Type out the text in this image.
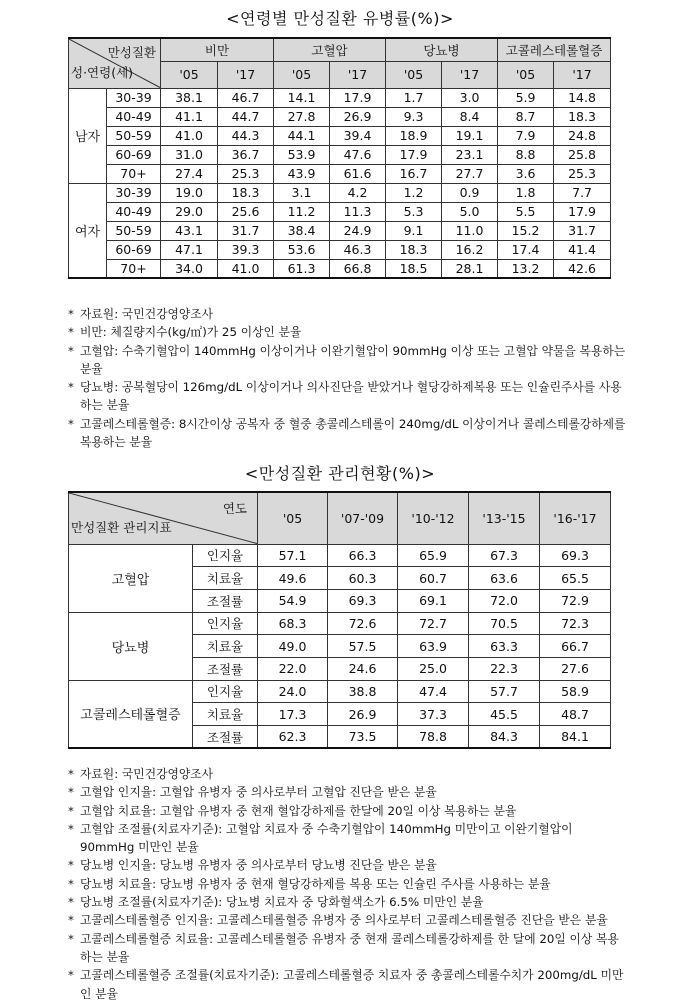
<연령별 만성질환 유병률(%)>
만성질환
성·연령(세)		비만		고혈압		당뇨병		고콜레스테롤혈증	
		'05	'17	'05	'17	'05	'17	'05	'17
남자	30-39	38.1	46.7	14.1	17.9	1.7	3.0	5.9	14.8
	40-49	41.1	44.7	27.8	26.9	9.3	8.4	8.7	18.3
	50-59	41.0	44.3	44.1	39.4	18.9	19.1	7.9	24.8
	60-69	31.0	36.7	53.9	47.6	17.9	23.1	8.8	25.8
	70+	27.4	25.3	43.9	61.6	16.7	27.7	3.6	25.3
여자	30-39	19.0	18.3	3.1	4.2	1.2	0.9	1.8	7.7
	40-49	29.0	25.6	11.2	11.3	5.3	5.0	5.5	17.9
	50-59	43.1	31.7	38.4	24.9	9.1	11.0	15.2	31.7
	60-69	47.1	39.3	53.6	46.3	18.3	16.2	17.4	41.4
	70+	34.0	41.0	61.3	66.8	18.5	28.1	13.2	42.6
* 자료원: 국민건강영양조사
* 비만: 체질량지수(kg/㎡)가 25 이상인 분율
* 고혈압: 수축기혈압이 140mmHg 이상이거나 이완기혈압이 90mmHg 이상 또는 고혈압 약물을 복용하는 분율
* 당뇨병: 공복혈당이 126mg/dL 이상이거나 의사진단을 받았거나 혈당강하제복용 또는 인슐린주사를 사용하는 분율
* 고콜레스테롤혈증: 8시간이상 공복자 중 혈중 총콜레스테롤이 240mg/dL 이상이거나 콜레스테롤강하제를 복용하는 분율
<만성질환 관리현황(%)>
연도
만성질환 관리지표		'05	'07-'09	'10-'12	'13-'15	'16-'17
고혈압	인지율	57.1	66.3	65.9	67.3	69.3
	치료율	49.6	60.3	60.7	63.6	65.5
	조절률	54.9	69.3	69.1	72.0	72.9
당뇨병	인지율	68.3	72.6	72.7	70.5	72.3
	치료율	49.0	57.5	63.9	63.3	66.7
	조절률	22.0	24.6	25.0	22.3	27.6
고콜레스테롤혈증	인지율	24.0	38.8	47.4	57.7	58.9
	치료율	17.3	26.9	37.3	45.5	48.7
	조절률	62.3	73.5	78.8	84.3	84.1
* 자료원: 국민건강영양조사
* 고혈압 인지율: 고혈압 유병자 중 의사로부터 고혈압 진단을 받은 분율
* 고혈압 치료율: 고혈압 유병자 중 현재 혈압강하제를 한달에 20일 이상 복용하는 분율
* 고혈압 조절률(치료자기준): 고혈압 치료자 중 수축기혈압이 140mmHg 미만이고 이완기혈압이 90mmHg 미만인 분율
* 당뇨병 인지율: 당뇨병 유병자 중 의사로부터 당뇨병 진단을 받은 분율
* 당뇨병 치료율: 당뇨병 유병자 중 현재 혈당강하제를 복용 또는 인슐린 주사를 사용하는 분율
* 당뇨병 조절률(치료자기준): 당뇨병 치료자 중 당화혈색소가 6.5% 미만인 분율
* 고콜레스테롤혈증 인지율: 고콜레스테롤혈증 유병자 중 의사로부터 고콜레스테롤혈증 진단을 받은 분율
* 고콜레스테롤혈증 치료율: 고콜레스테롤혈증 유병자 중 현재 콜레스테롤강하제를 한 달에 20일 이상 복용하는 분율
* 고콜레스테롤혈증 조절률(치료자기준): 고콜레스테롤혈증 치료자 중 총콜레스테롤수치가 200mg/dL 미만인 분율
